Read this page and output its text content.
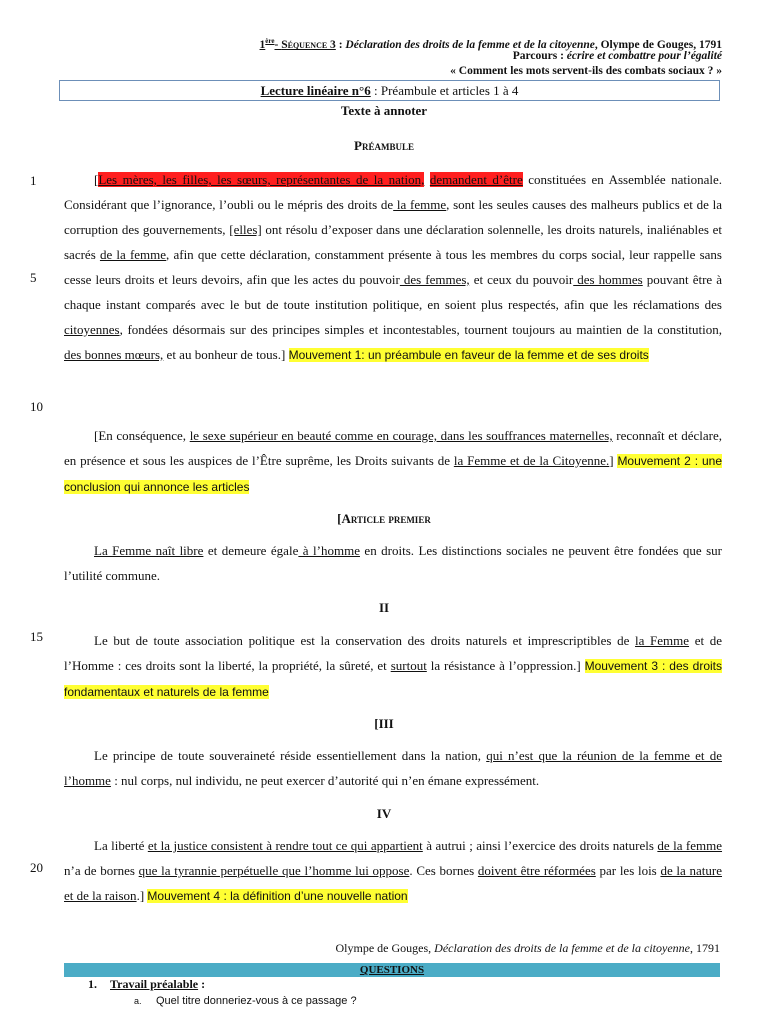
1ère- Séquence 3 : Déclaration des droits de la femme et de la citoyenne, Olympe de Gouges, 1791
Parcours : écrire et combattre pour l’égalité
« Comment les mots servent-ils des combats sociaux ? »
Lecture linéaire n°6 : Préambule et articles 1 à 4
Texte à annoter
Préambule
1
5
10
15
20

[Les mères, les filles, les sœurs, représentantes de la nation, demandent d’être constituées en Assemblée nationale. Considérant que l’ignorance, l’oubli ou le mépris des droits de la femme, sont les seules causes des malheurs publics et de la corruption des gouvernements, [elles] ont résolu d’exposer dans une déclaration solennelle, les droits naturels, inaliénables et sacrés de la femme, afin que cette déclaration, constamment présente à tous les membres du corps social, leur rappelle sans cesse leurs droits et leurs devoirs, afin que les actes du pouvoir des femmes, et ceux du pouvoir des hommes pouvant être à chaque instant comparés avec le but de toute institution politique, en soient plus respectés, afin que les réclamations des citoyennes, fondées désormais sur des principes simples et incontestables, tournent toujours au maintien de la constitution, des bonnes mœurs, et au bonheur de tous.] Mouvement 1: un préambule en faveur de la femme et de ses droits

[En conséquence, le sexe supérieur en beauté comme en courage, dans les souffrances maternelles, reconnaît et déclare, en présence et sous les auspices de l’Être suprême, les Droits suivants de la Femme et de la Citoyenne.] Mouvement 2 : une conclusion qui annonce les articles

[Article premier

La Femme naît libre et demeure égale à l’homme en droits. Les distinctions sociales ne peuvent être fondées que sur l’utilité commune.

II

Le but de toute association politique est la conservation des droits naturels et imprescriptibles de la Femme et de l’Homme : ces droits sont la liberté, la propriété, la sûreté, et surtout la résistance à l’oppression.] Mouvement 3 : des droits fondamentaux et naturels de la femme

[III

Le principe de toute souveraineté réside essentiellement dans la nation, qui n’est que la réunion de la femme et de l’homme : nul corps, nul individu, ne peut exercer d’autorité qui n’en émane expressément.

IV

La liberté et la justice consistent à rendre tout ce qui appartient à autrui ; ainsi l’exercice des droits naturels de la femme n’a de bornes que la tyrannie perpétuelle que l’homme lui oppose. Ces bornes doivent être réformées par les lois de la nature et de la raison.] Mouvement 4 : la définition d’une nouvelle nation

Olympe de Gouges, Déclaration des droits de la femme et de la citoyenne, 1791
QUESTIONS
1. Travail préalable :
a. Quel titre donneriez-vous à ce passage ?
